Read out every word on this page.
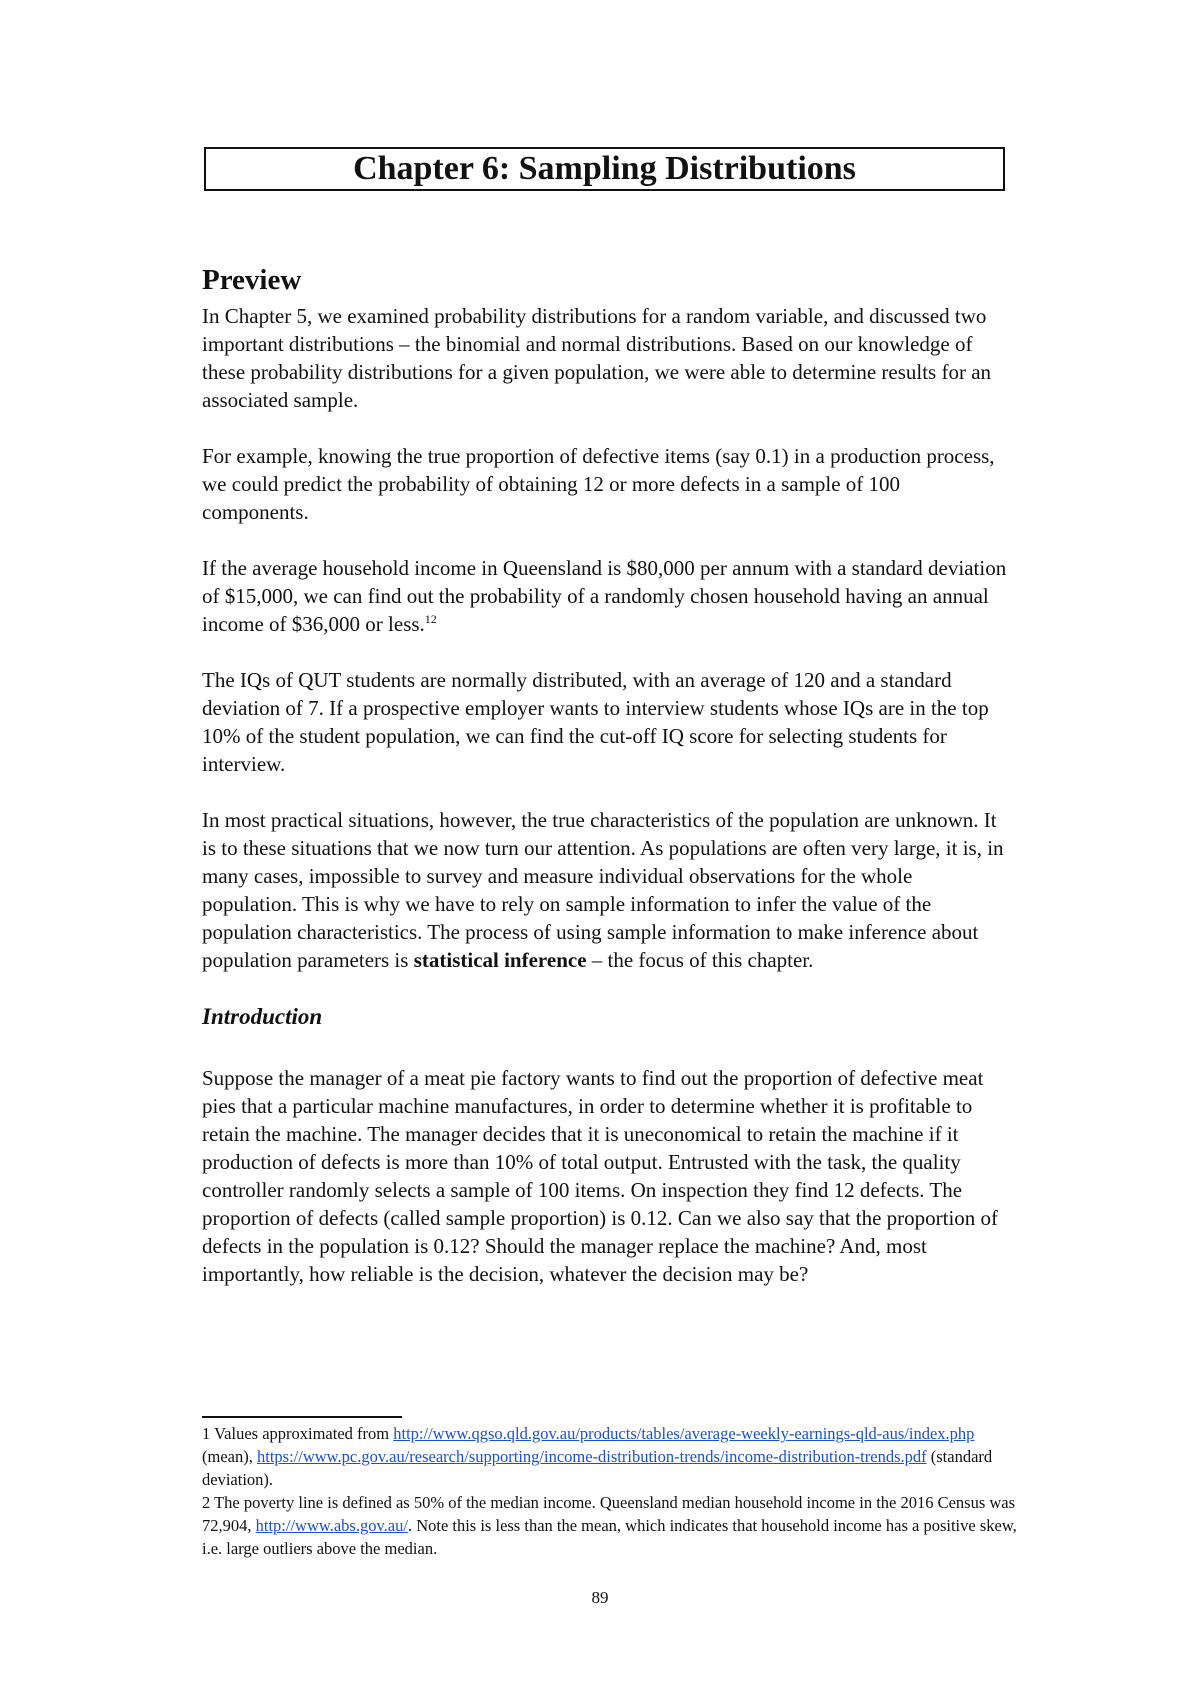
Chapter 6: Sampling Distributions
Preview

In Chapter 5, we examined probability distributions for a random variable, and discussed two important distributions – the binomial and normal distributions. Based on our knowledge of these probability distributions for a given population, we were able to determine results for an associated sample.

For example, knowing the true proportion of defective items (say 0.1) in a production process, we could predict the probability of obtaining 12 or more defects in a sample of 100 components.

If the average household income in Queensland is $80,000 per annum with a standard deviation of $15,000, we can find out the probability of a randomly chosen household having an annual income of $36,000 or less.$^{12}$

The IQs of QUT students are normally distributed, with an average of 120 and a standard deviation of 7. If a prospective employer wants to interview students whose IQs are in the top 10% of the student population, we can find the cut-off IQ score for selecting students for interview.

In most practical situations, however, the true characteristics of the population are unknown. It is to these situations that we now turn our attention. As populations are often very large, it is, in many cases, impossible to survey and measure individual observations for the whole population. This is why we have to rely on sample information to infer the value of the population characteristics. The process of using sample information to make inference about population parameters is statistical inference – the focus of this chapter.

Introduction

Suppose the manager of a meat pie factory wants to find out the proportion of defective meat pies that a particular machine manufactures, in order to determine whether it is profitable to retain the machine. The manager decides that it is uneconomical to retain the machine if it production of defects is more than 10% of total output. Entrusted with the task, the quality controller randomly selects a sample of 100 items. On inspection they find 12 defects. The proportion of defects (called sample proportion) is 0.12. Can we also say that the proportion of defects in the population is 0.12? Should the manager replace the machine? And, most importantly, how reliable is the decision, whatever the decision may be?

1 Values approximated from http://www.qgso.qld.gov.au/products/tables/average-weekly-earnings-qld-aus/index.php (mean), https://www.pc.gov.au/research/supporting/income-distribution-trends/income-distribution-trends.pdf (standard deviation).

2 The poverty line is defined as 50% of the median income. Queensland median household income in the 2016 Census was 72,904, http://www.abs.gov.au/. Note this is less than the mean, which indicates that household income has a positive skew, i.e. large outliers above the median.

89
